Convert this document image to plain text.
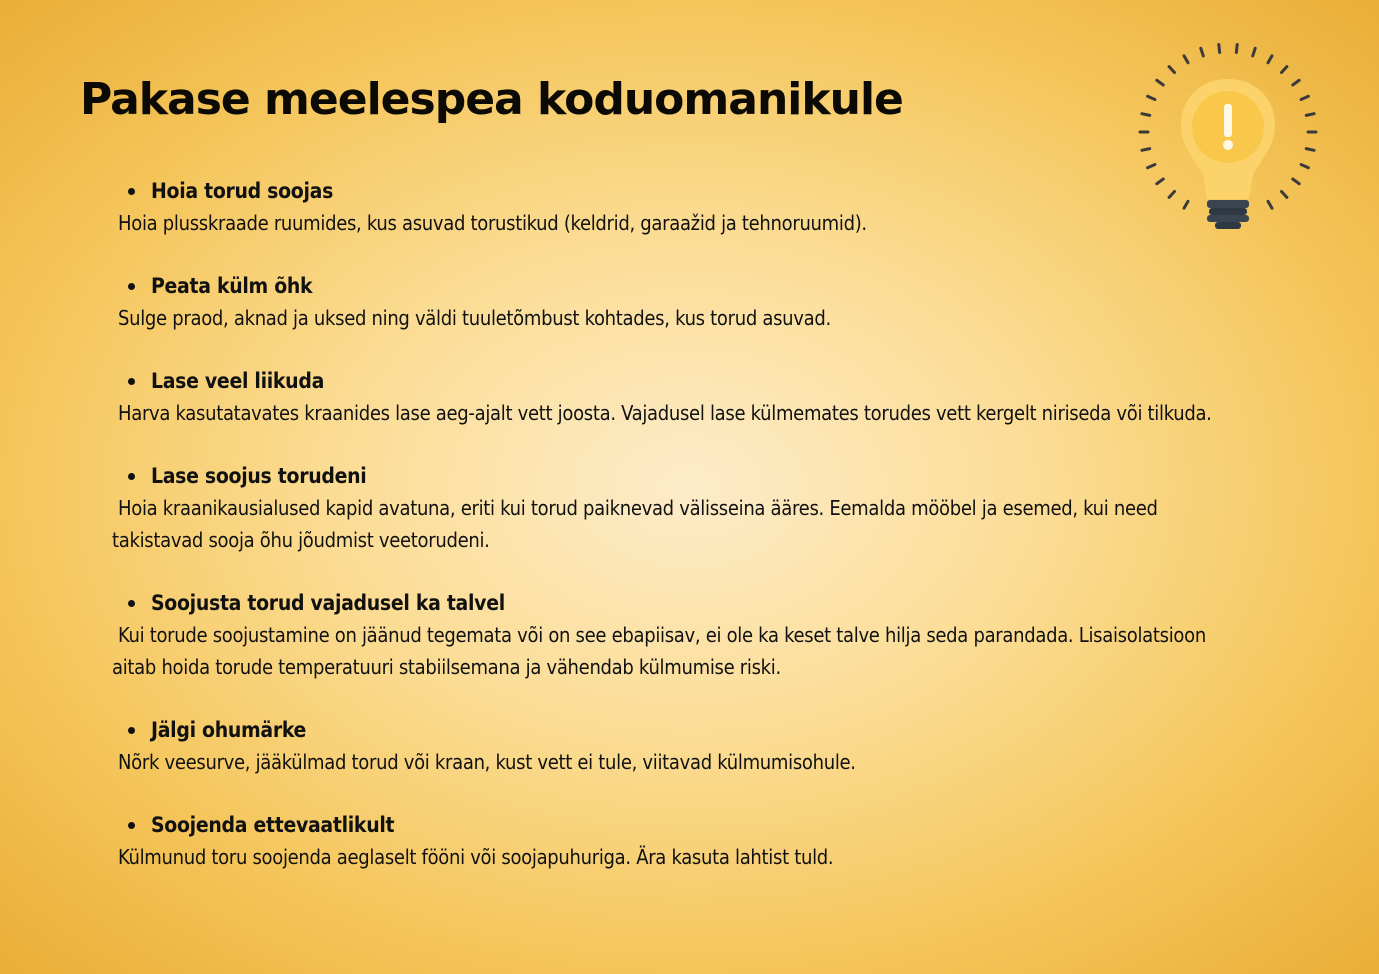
Pakase meelespea koduomanikule
Hoia torud soojas
Hoia plusskraade ruumides, kus asuvad torustikud (keldrid, garaažid ja tehnoruumid).
Peata külm õhk
Sulge praod, aknad ja uksed ning väldi tuuletõmbust kohtades, kus torud asuvad.
Lase veel liikuda
Harva kasutatavates kraanides lase aeg-ajalt vett joosta. Vajadusel lase külmemates torudes vett kergelt niriseda või tilkuda.
Lase soojus torudeni
Hoia kraanikausialused kapid avatuna, eriti kui torud paiknevad välisseina ääres. Eemalda mööbel ja esemed, kui need takistavad sooja õhu jõudmist veetorudeni.
Soojusta torud vajadusel ka talvel
Kui torude soojustamine on jäänud tegemata või on see ebapiisav, ei ole ka keset talve hilja seda parandada. Lisaisolatsioon aitab hoida torude temperatuuri stabiilsemana ja vähendab külmumise riski.
Jälgi ohumärke
Nõrk veesurve, jääkülmad torud või kraan, kust vett ei tule, viitavad külmumisohule.
Soojenda ettevaatlikult
Külmunud toru soojenda aeglaselt fööni või soojapuhuriga. Ära kasuta lahtist tuld.
